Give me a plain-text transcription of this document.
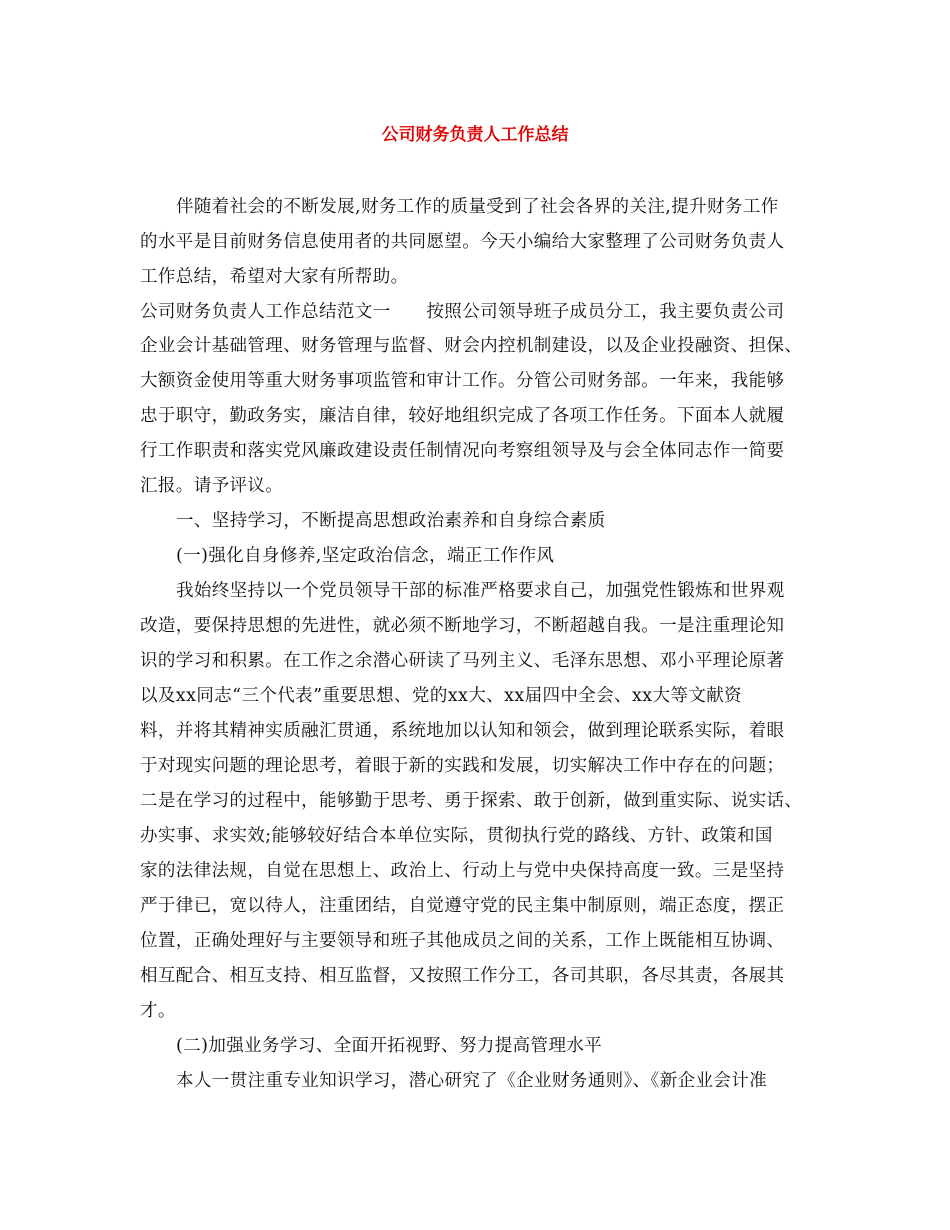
公司财务负责人工作总结
伴随着社会的不断发展,财务工作的质量受到了社会各界的关注,提升财务工作
的水平是目前财务信息使用者的共同愿望。今天小编给大家整理了公司财务负责人
工作总结，希望对大家有所帮助。
公司财务负责人工作总结范文一　　按照公司领导班子成员分工，我主要负责公司
企业会计基础管理、财务管理与监督、财会内控机制建设，以及企业投融资、担保、
大额资金使用等重大财务事项监管和审计工作。分管公司财务部。一年来，我能够
忠于职守，勤政务实，廉洁自律，较好地组织完成了各项工作任务。下面本人就履
行工作职责和落实党风廉政建设责任制情况向考察组领导及与会全体同志作一简要
汇报。请予评议。
一、坚持学习，不断提高思想政治素养和自身综合素质
(一)强化自身修养,坚定政治信念，端正工作作风
我始终坚持以一个党员领导干部的标准严格要求自己，加强党性锻炼和世界观
改造，要保持思想的先进性，就必须不断地学习，不断超越自我。一是注重理论知
识的学习和积累。在工作之余潜心研读了马列主义、毛泽东思想、邓小平理论原著
以及xx同志“三个代表”重要思想、党的xx大、xx届四中全会、xx大等文献资
料，并将其精神实质融汇贯通，系统地加以认知和领会，做到理论联系实际，着眼
于对现实问题的理论思考，着眼于新的实践和发展，切实解决工作中存在的问题；
二是在学习的过程中，能够勤于思考、勇于探索、敢于创新，做到重实际、说实话、
办实事、求实效;能够较好结合本单位实际，贯彻执行党的路线、方针、政策和国
家的法律法规，自觉在思想上、政治上、行动上与党中央保持高度一致。三是坚持
严于律已，宽以待人，注重团结，自觉遵守党的民主集中制原则，端正态度，摆正
位置，正确处理好与主要领导和班子其他成员之间的关系，工作上既能相互协调、
相互配合、相互支持、相互监督，又按照工作分工，各司其职，各尽其责，各展其
才。
(二)加强业务学习、全面开拓视野、努力提高管理水平
本人一贯注重专业知识学习，潜心研究了《企业财务通则》、《新企业会计准
